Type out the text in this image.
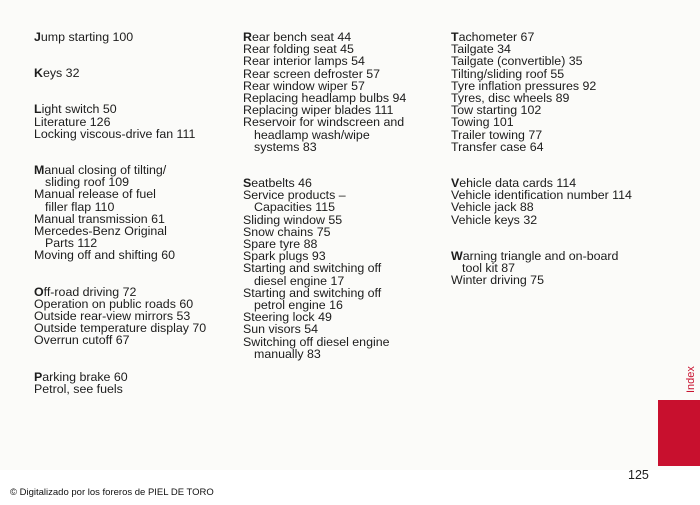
Jump starting 100
Keys 32
Light switch 50
Literature 126
Locking viscous-drive fan 111
Manual closing of tilting/
sliding roof 109
Manual release of fuel
filler flap 110
Manual transmission 61
Mercedes-Benz Original
Parts 112
Moving off and shifting 60
Off-road driving 72
Operation on public roads 60
Outside rear-view mirrors 53
Outside temperature display 70
Overrun cutoff 67
Parking brake 60
Petrol, see fuels
Rear bench seat 44
Rear folding seat 45
Rear interior lamps 54
Rear screen defroster 57
Rear window wiper 57
Replacing headlamp bulbs 94
Replacing wiper blades 111
Reservoir for windscreen and
headlamp wash/wipe
systems 83
Seatbelts 46
Service products –
Capacities 115
Sliding window 55
Snow chains 75
Spare tyre 88
Spark plugs 93
Starting and switching off
diesel engine 17
Starting and switching off
petrol engine 16
Steering lock 49
Sun visors 54
Switching off diesel engine
manually 83
Tachometer 67
Tailgate 34
Tailgate (convertible) 35
Tilting/sliding roof 55
Tyre inflation pressures 92
Tyres, disc wheels 89
Tow starting 102
Towing 101
Trailer towing 77
Transfer case 64
Vehicle data cards 114
Vehicle identification number 114
Vehicle jack 88
Vehicle keys 32
Warning triangle and on-board
tool kit 87
Winter driving 75
Index
125
© Digitalizado por los foreros de PIEL DE TORO
